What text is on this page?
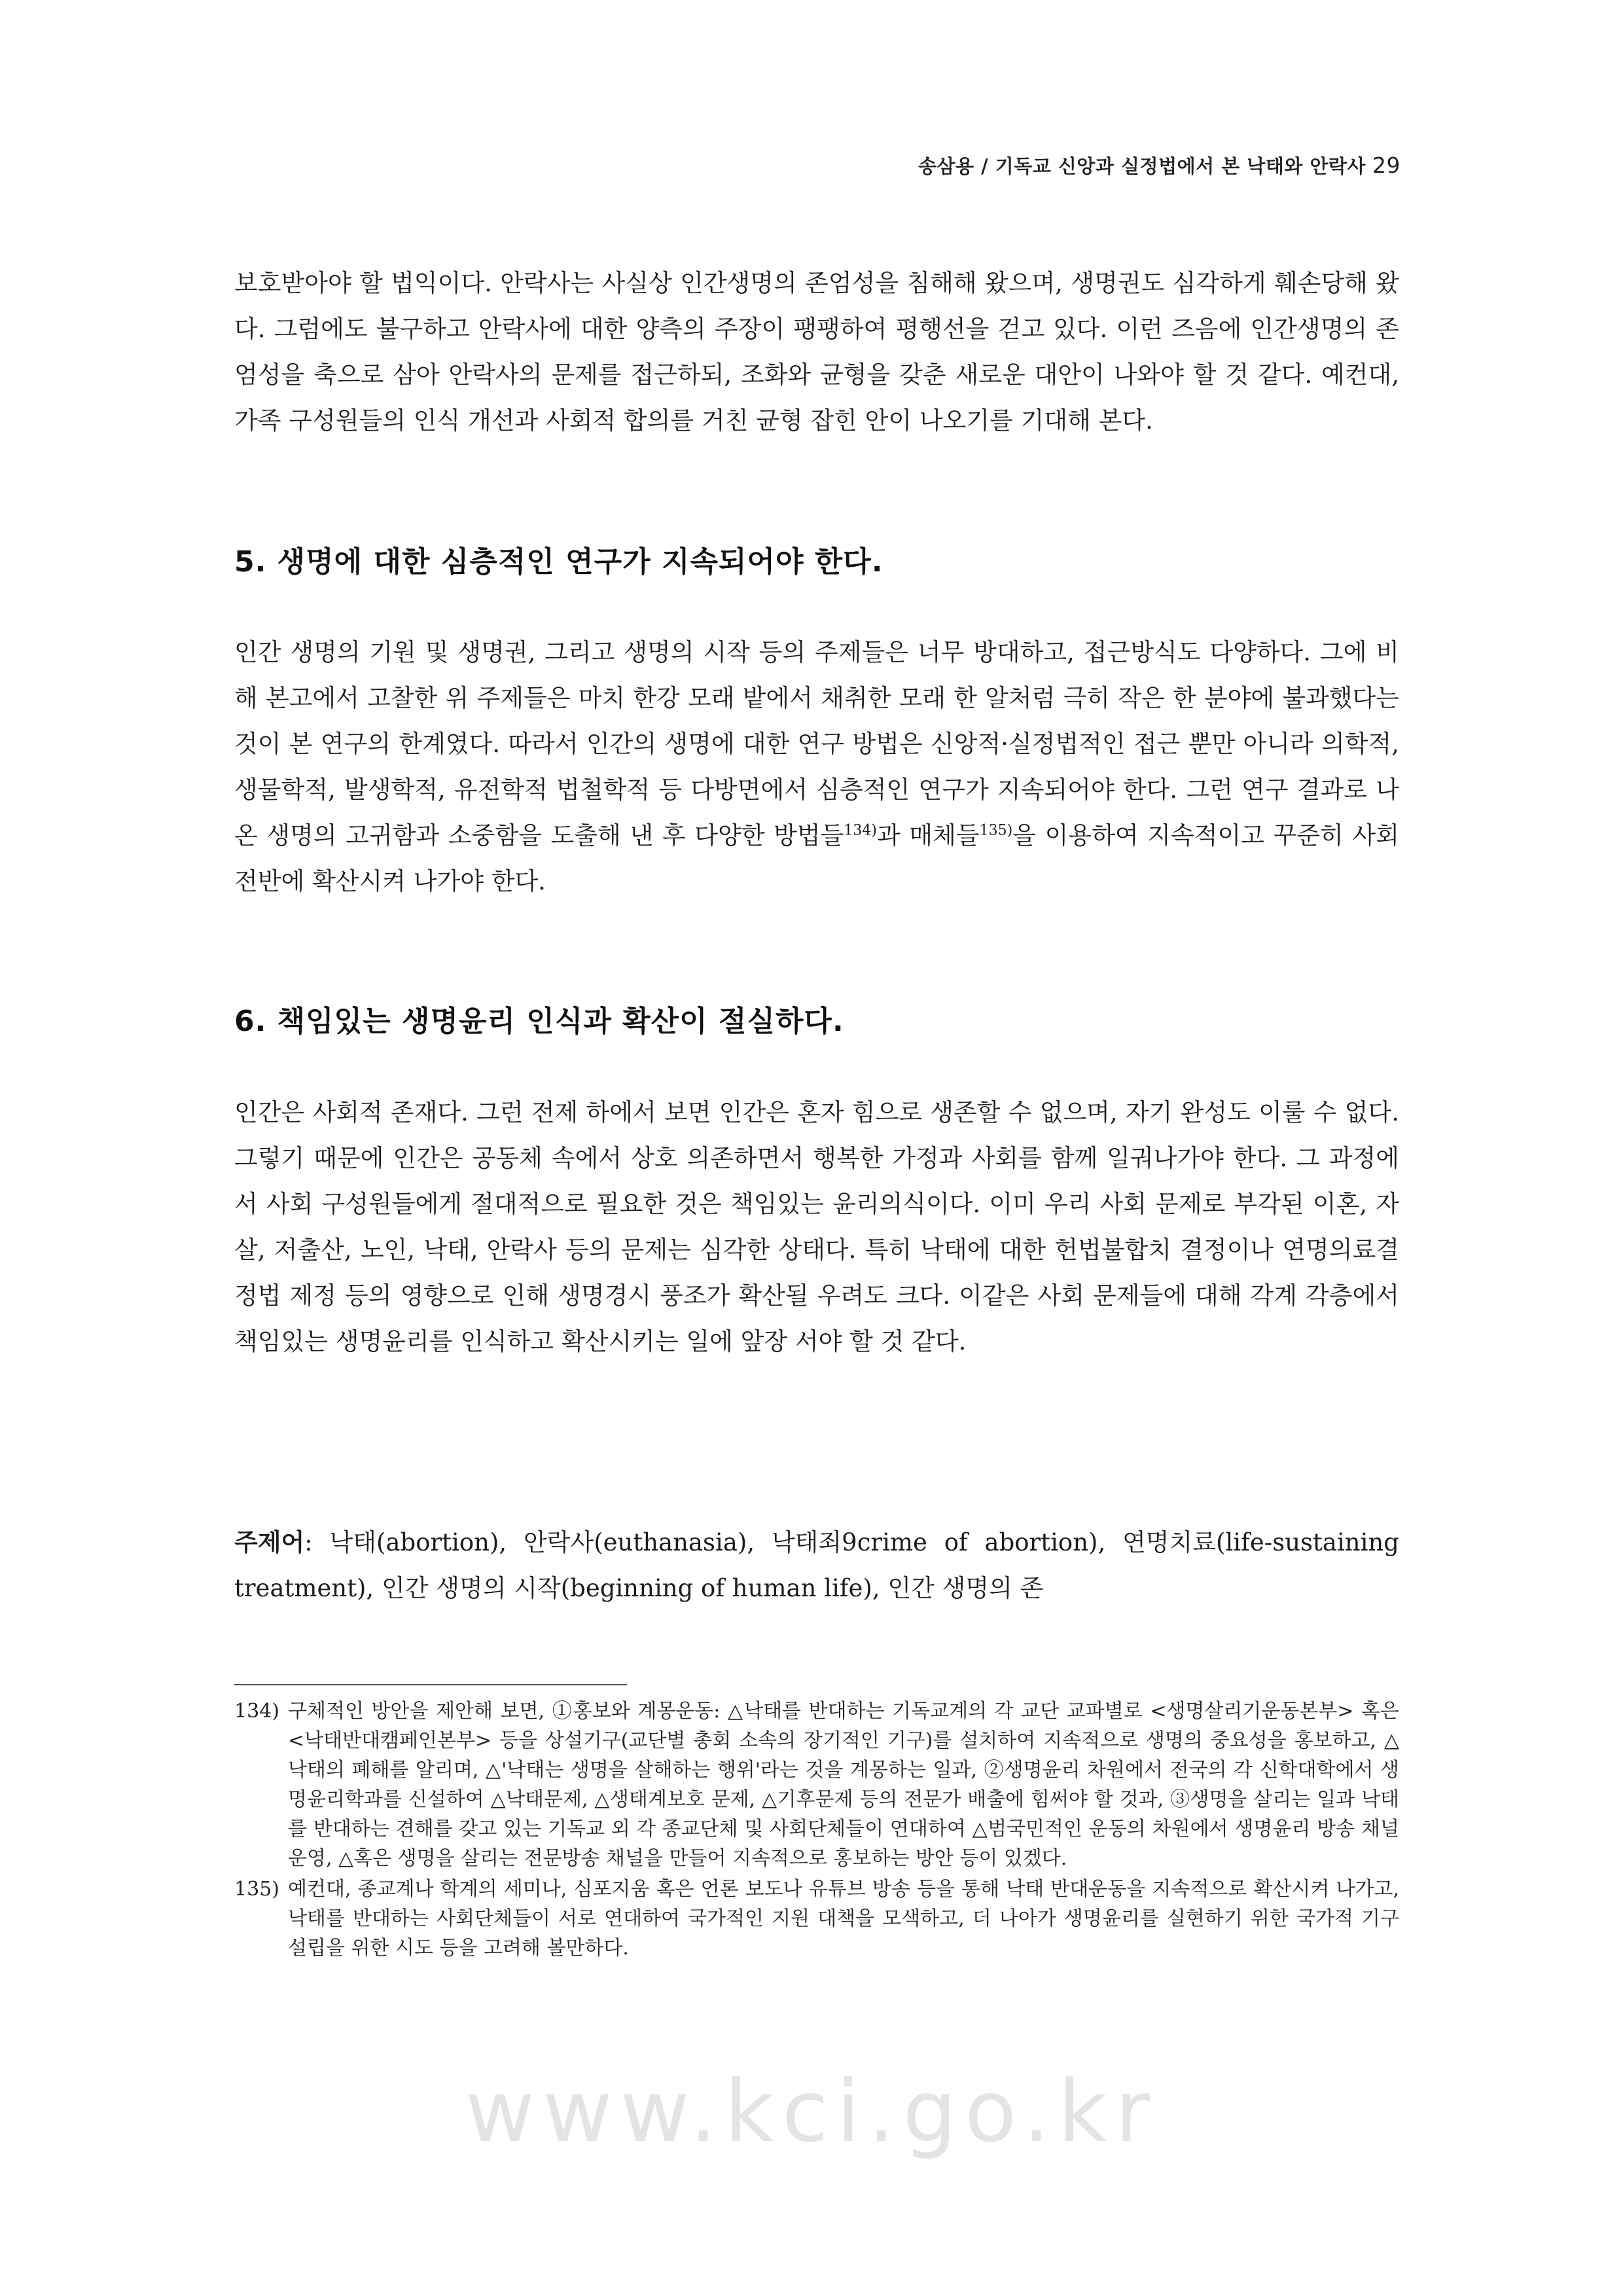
송삼용 / 기독교 신앙과 실정법에서 본 낙태와 안락사 29

보호받아야 할 법익이다. 안락사는 사실상 인간생명의 존엄성을 침해해 왔으며, 생명권도 심각하게 훼손당해 왔다. 그럼에도 불구하고 안락사에 대한 양측의 주장이 팽팽하여 평행선을 걷고 있다. 이런 즈음에 인간생명의 존엄성을 축으로 삼아 안락사의 문제를 접근하되, 조화와 균형을 갖춘 새로운 대안이 나와야 할 것 같다. 예컨대, 가족 구성원들의 인식 개선과 사회적 합의를 거친 균형 잡힌 안이 나오기를 기대해 본다.

5. 생명에 대한 심층적인 연구가 지속되어야 한다.

인간 생명의 기원 및 생명권, 그리고 생명의 시작 등의 주제들은 너무 방대하고, 접근방식도 다양하다. 그에 비해 본고에서 고찰한 위 주제들은 마치 한강 모래 밭에서 채취한 모래 한 알처럼 극히 작은 한 분야에 불과했다는 것이 본 연구의 한계였다. 따라서 인간의 생명에 대한 연구 방법은 신앙적·실정법적인 접근 뿐만 아니라 의학적, 생물학적, 발생학적, 유전학적 법철학적 등 다방면에서 심층적인 연구가 지속되어야 한다. 그런 연구 결과로 나온 생명의 고귀함과 소중함을 도출해 낸 후 다양한 방법들$^{134)}$과 매체들$^{135)}$을 이용하여 지속적이고 꾸준히 사회 전반에 확산시켜 나가야 한다.

6. 책임있는 생명윤리 인식과 확산이 절실하다.

인간은 사회적 존재다. 그런 전제 하에서 보면 인간은 혼자 힘으로 생존할 수 없으며, 자기 완성도 이룰 수 없다. 그렇기 때문에 인간은 공동체 속에서 상호 의존하면서 행복한 가정과 사회를 함께 일궈나가야 한다. 그 과정에서 사회 구성원들에게 절대적으로 필요한 것은 책임있는 윤리의식이다. 이미 우리 사회 문제로 부각된 이혼, 자살, 저출산, 노인, 낙태, 안락사 등의 문제는 심각한 상태다. 특히 낙태에 대한 헌법불합치 결정이나 연명의료결정법 제정 등의 영향으로 인해 생명경시 풍조가 확산될 우려도 크다. 이같은 사회 문제들에 대해 각계 각층에서 책임있는 생명윤리를 인식하고 확산시키는 일에 앞장 서야 할 것 같다.

주제어: 낙태(abortion), 안락사(euthanasia), 낙태죄9crime of abortion), 연명치료(life-sustaining treatment), 인간 생명의 시작(beginning of human life), 인간 생명의 존

134) 구체적인 방안을 제안해 보면, ①홍보와 계몽운동: △낙태를 반대하는 기독교계의 각 교단 교파별로 <생명살리기운동본부> 혹은 <낙태반대캠페인본부> 등을 상설기구(교단별 총회 소속의 장기적인 기구)를 설치하여 지속적으로 생명의 중요성을 홍보하고, △낙태의 폐해를 알리며, △'낙태는 생명을 살해하는 행위'라는 것을 계몽하는 일과, ②생명윤리 차원에서 전국의 각 신학대학에서 생명윤리학과를 신설하여 △낙태문제, △생태계보호 문제, △기후문제 등의 전문가 배출에 힘써야 할 것과, ③생명을 살리는 일과 낙태를 반대하는 견해를 갖고 있는 기독교 외 각 종교단체 및 사회단체들이 연대하여 △범국민적인 운동의 차원에서 생명윤리 방송 채널 운영, △혹은 생명을 살리는 전문방송 채널을 만들어 지속적으로 홍보하는 방안 등이 있겠다.
135) 예컨대, 종교계나 학계의 세미나, 심포지움 혹은 언론 보도나 유튜브 방송 등을 통해 낙태 반대운동을 지속적으로 확산시켜 나가고, 낙태를 반대하는 사회단체들이 서로 연대하여 국가적인 지원 대책을 모색하고, 더 나아가 생명윤리를 실현하기 위한 국가적 기구 설립을 위한 시도 등을 고려해 볼만하다.
www.kci.go.kr
